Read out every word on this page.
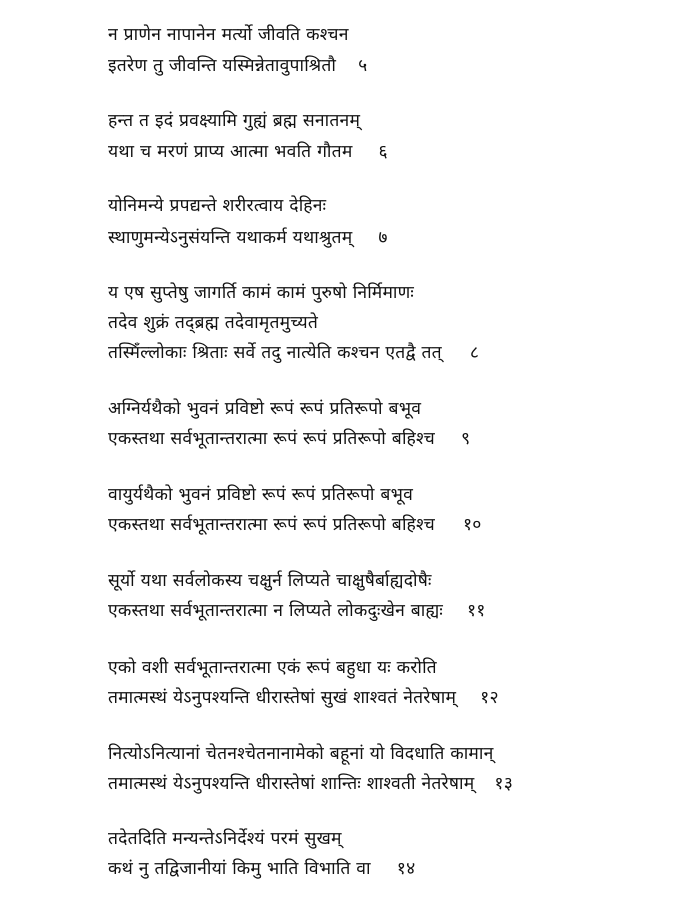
न प्राणेन नापानेन मर्त्यो जीवति कश्चन
इतरेण तु जीवन्ति यस्मिन्नेतावुपाश्रितौ ५
हन्त त इदं प्रवक्ष्यामि गुह्यं ब्रह्म सनातनम्
यथा च मरणं प्राप्य आत्मा भवति गौतम ६
योनिमन्ये प्रपद्यन्ते शरीरत्वाय देहिनः
स्थाणुमन्येऽनुसंयन्ति यथाकर्म यथाश्रुतम् ७
य एष सुप्तेषु जागर्ति कामं कामं पुरुषो निर्मिमाणः
तदेव शुक्रं तद्ब्रह्म तदेवामृतमुच्यते
तस्मिँल्लोकाः श्रिताः सर्वे तदु नात्येति कश्चन एतद्वै तत् ८
अग्निर्यथैको भुवनं प्रविष्टो रूपं रूपं प्रतिरूपो बभूव
एकस्तथा सर्वभूतान्तरात्मा रूपं रूपं प्रतिरूपो बहिश्च ९
वायुर्यथैको भुवनं प्रविष्टो रूपं रूपं प्रतिरूपो बभूव
एकस्तथा सर्वभूतान्तरात्मा रूपं रूपं प्रतिरूपो बहिश्च १०
सूर्यो यथा सर्वलोकस्य चक्षुर्न लिप्यते चाक्षुषैर्बाह्यदोषैः
एकस्तथा सर्वभूतान्तरात्मा न लिप्यते लोकदुःखेन बाह्यः ११
एको वशी सर्वभूतान्तरात्मा एकं रूपं बहुधा यः करोति
तमात्मस्थं येऽनुपश्यन्ति धीरास्तेषां सुखं शाश्वतं नेतरेषाम् १२
नित्योऽनित्यानां चेतनश्चेतनानामेको बहूनां यो विदधाति कामान्
तमात्मस्थं येऽनुपश्यन्ति धीरास्तेषां शान्तिः शाश्वती नेतरेषाम् १३
तदेतदिति मन्यन्तेऽनिर्देश्यं परमं सुखम्
कथं नु तद्विजानीयां किमु भाति विभाति वा १४
